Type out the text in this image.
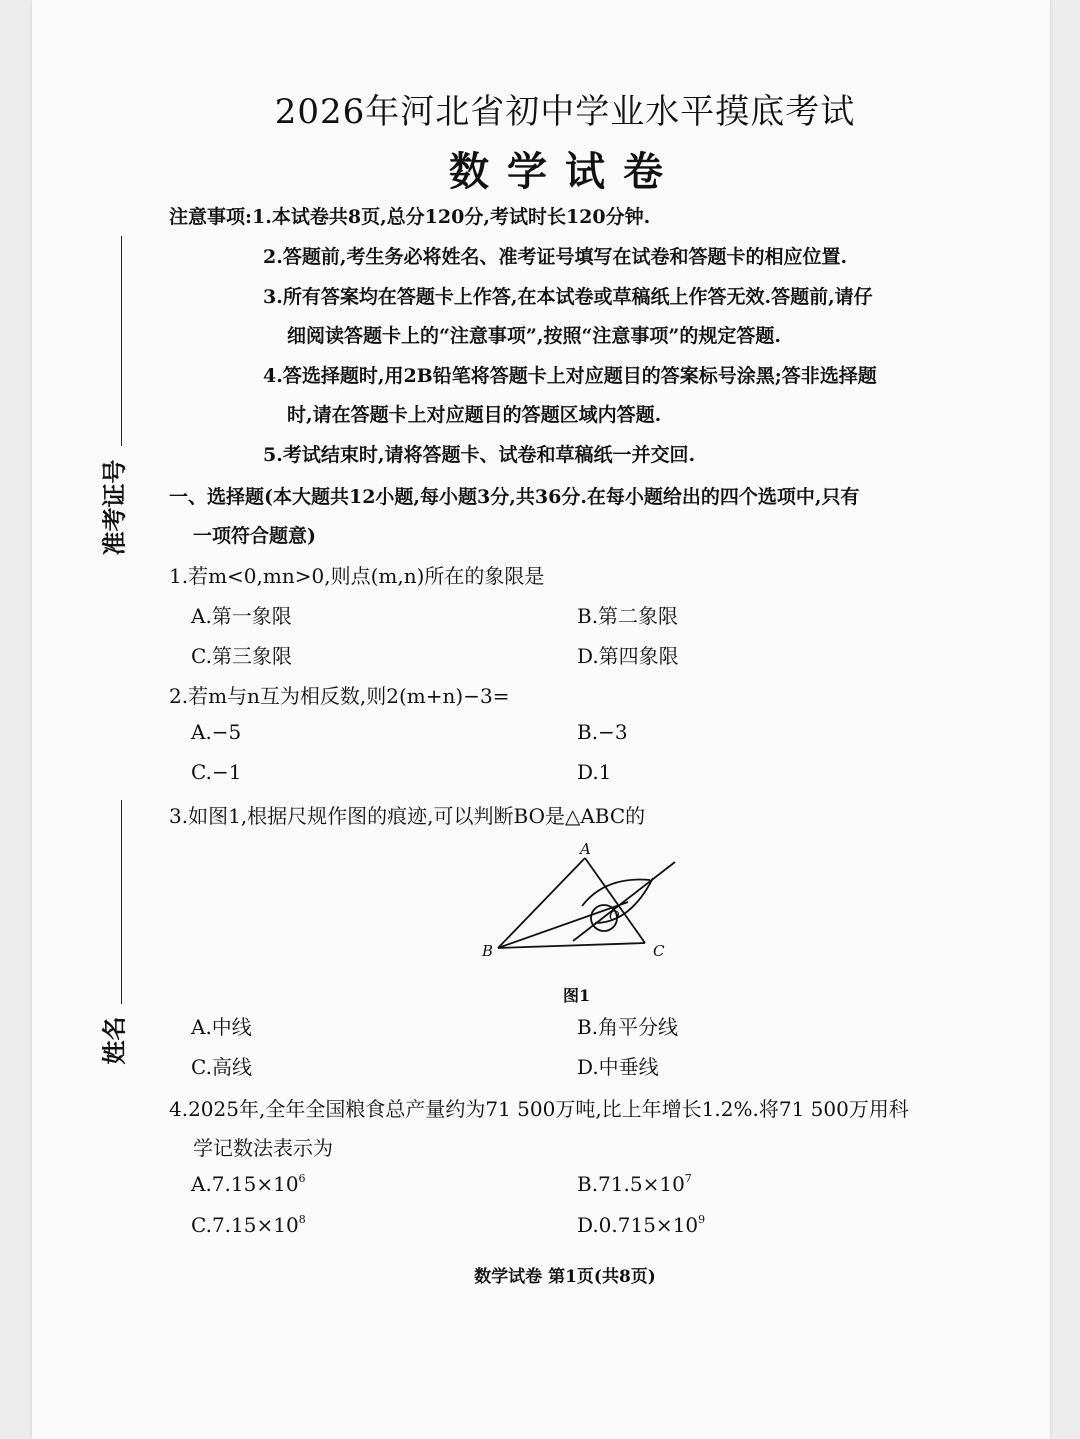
准考证号
姓名
2026年河北省初中学业水平摸底考试
数学试卷
注意事项:1.本试卷共8页,总分120分,考试时长120分钟.
2.答题前,考生务必将姓名、准考证号填写在试卷和答题卡的相应位置.
3.所有答案均在答题卡上作答,在本试卷或草稿纸上作答无效.答题前,请仔
细阅读答题卡上的“注意事项”,按照“注意事项”的规定答题.
4.答选择题时,用2B铅笔将答题卡上对应题目的答案标号涂黑;答非选择题
时,请在答题卡上对应题目的答题区域内答题.
5.考试结束时,请将答题卡、试卷和草稿纸一并交回.
一、选择题(本大题共12小题,每小题3分,共36分.在每小题给出的四个选项中,只有
一项符合题意)
1.若m<0,mn>0,则点(m,n)所在的象限是
A.第一象限	B.第二象限
C.第三象限	D.第四象限
2.若m与n互为相反数,则2(m+n)−3=
A.−5	B.−3
C.−1	D.1
3.如图1,根据尺规作图的痕迹,可以判断BO是△ABC的
A
B	C
O
图1
A.中线	B.角平分线
C.高线	D.中垂线
4.2025年,全年全国粮食总产量约为71 500万吨,比上年增长1.2%.将71 500万用科
学记数法表示为
$A.7.15\times 10^6$	$B.71.5\times 10^7$
$C.7.15\times 10^8$	$D.0.715\times 10^9$
数学试卷 第1页(共8页)
